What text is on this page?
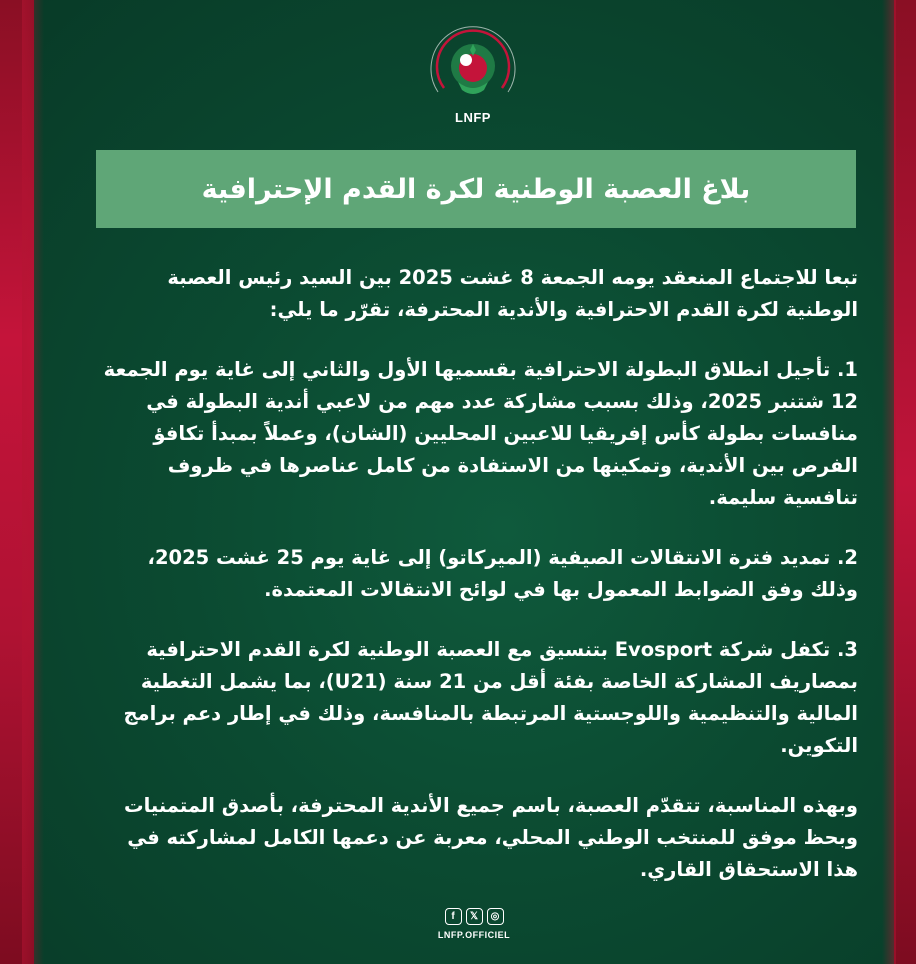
LNFP
بلاغ العصبة الوطنية لكرة القدم الإحترافية

تبعا للاجتماع المنعقد يومه الجمعة 8 غشت 2025 بين السيد رئيس العصبة الوطنية لكرة القدم الاحترافية والأندية المحترفة، تقرّر ما يلي:

1. تأجيل انطلاق البطولة الاحترافية بقسميها الأول والثاني إلى غاية يوم الجمعة 12 شتنبر 2025، وذلك بسبب مشاركة عدد مهم من لاعبي أندية البطولة في منافسات بطولة كأس إفريقيا للاعبين المحليين (الشان)، وعملاً بمبدأ تكافؤ الفرص بين الأندية، وتمكينها من الاستفادة من كامل عناصرها في ظروف تنافسية سليمة.

2. تمديد فترة الانتقالات الصيفية (الميركاتو) إلى غاية يوم 25 غشت 2025، وذلك وفق الضوابط المعمول بها في لوائح الانتقالات المعتمدة.

3. تكفل شركة Evosport بتنسيق مع العصبة الوطنية لكرة القدم الاحترافية بمصاريف المشاركة الخاصة بفئة أقل من 21 سنة (U21)، بما يشمل التغطية المالية والتنظيمية واللوجستية المرتبطة بالمنافسة، وذلك في إطار دعم برامج التكوين.

وبهذه المناسبة، تتقدّم العصبة، باسم جميع الأندية المحترفة، بأصدق المتمنيات وبحظ موفق للمنتخب الوطني المحلي، معربة عن دعمها الكامل لمشاركته في هذا الاستحقاق القاري.

f	𝕏	◎
LNFP.OFFICIEL
